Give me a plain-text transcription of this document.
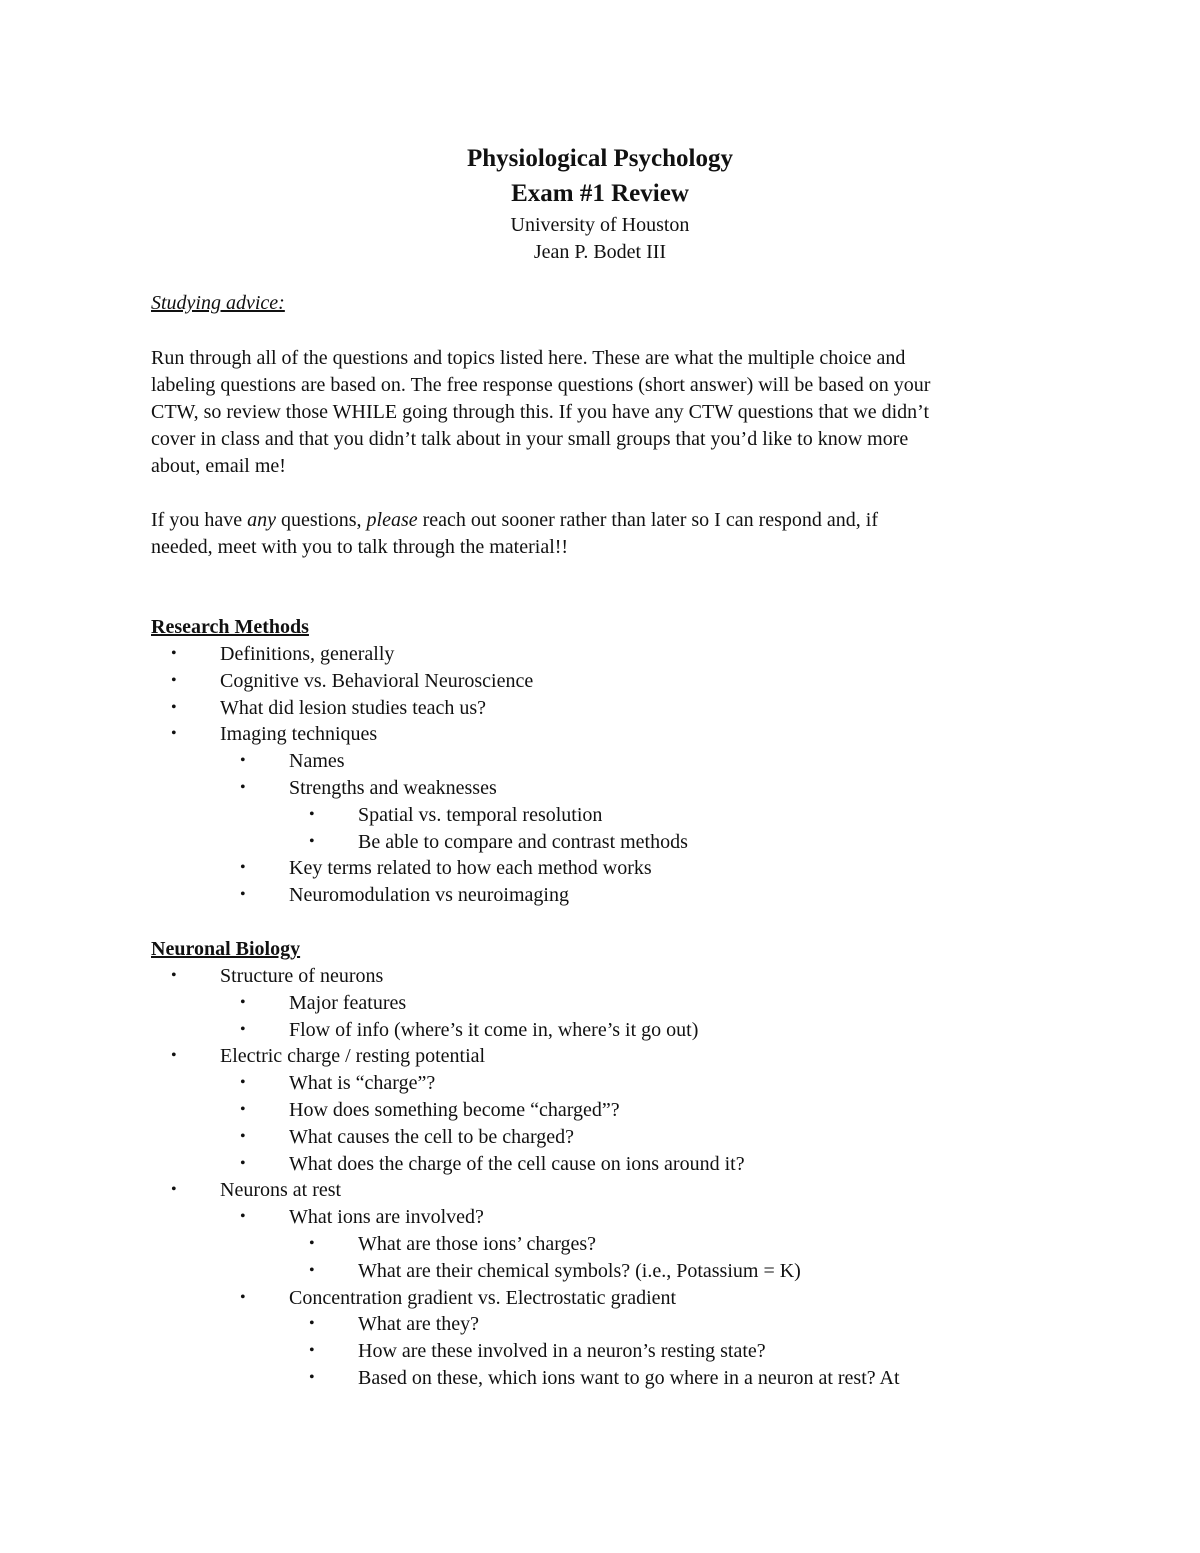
Physiological Psychology
Exam #1 Review
University of Houston
Jean P. Bodet III
Studying advice:
Run through all of the questions and topics listed here. These are what the multiple choice and
labeling questions are based on. The free response questions (short answer) will be based on your
CTW, so review those WHILE going through this. If you have any CTW questions that we didn’t
cover in class and that you didn’t talk about in your small groups that you’d like to know more
about, email me!
If you have any questions, please reach out sooner rather than later so I can respond and, if
needed, meet with you to talk through the material!!
Research Methods
• Definitions, generally
• Cognitive vs. Behavioral Neuroscience
• What did lesion studies teach us?
• Imaging techniques
• Names
• Strengths and weaknesses
• Spatial vs. temporal resolution
• Be able to compare and contrast methods
• Key terms related to how each method works
• Neuromodulation vs neuroimaging
Neuronal Biology
• Structure of neurons
• Major features
• Flow of info (where’s it come in, where’s it go out)
• Electric charge / resting potential
• What is “charge”?
• How does something become “charged”?
• What causes the cell to be charged?
• What does the charge of the cell cause on ions around it?
• Neurons at rest
• What ions are involved?
• What are those ions’ charges?
• What are their chemical symbols? (i.e., Potassium = K)
• Concentration gradient vs. Electrostatic gradient
• What are they?
• How are these involved in a neuron’s resting state?
• Based on these, which ions want to go where in a neuron at rest? At
